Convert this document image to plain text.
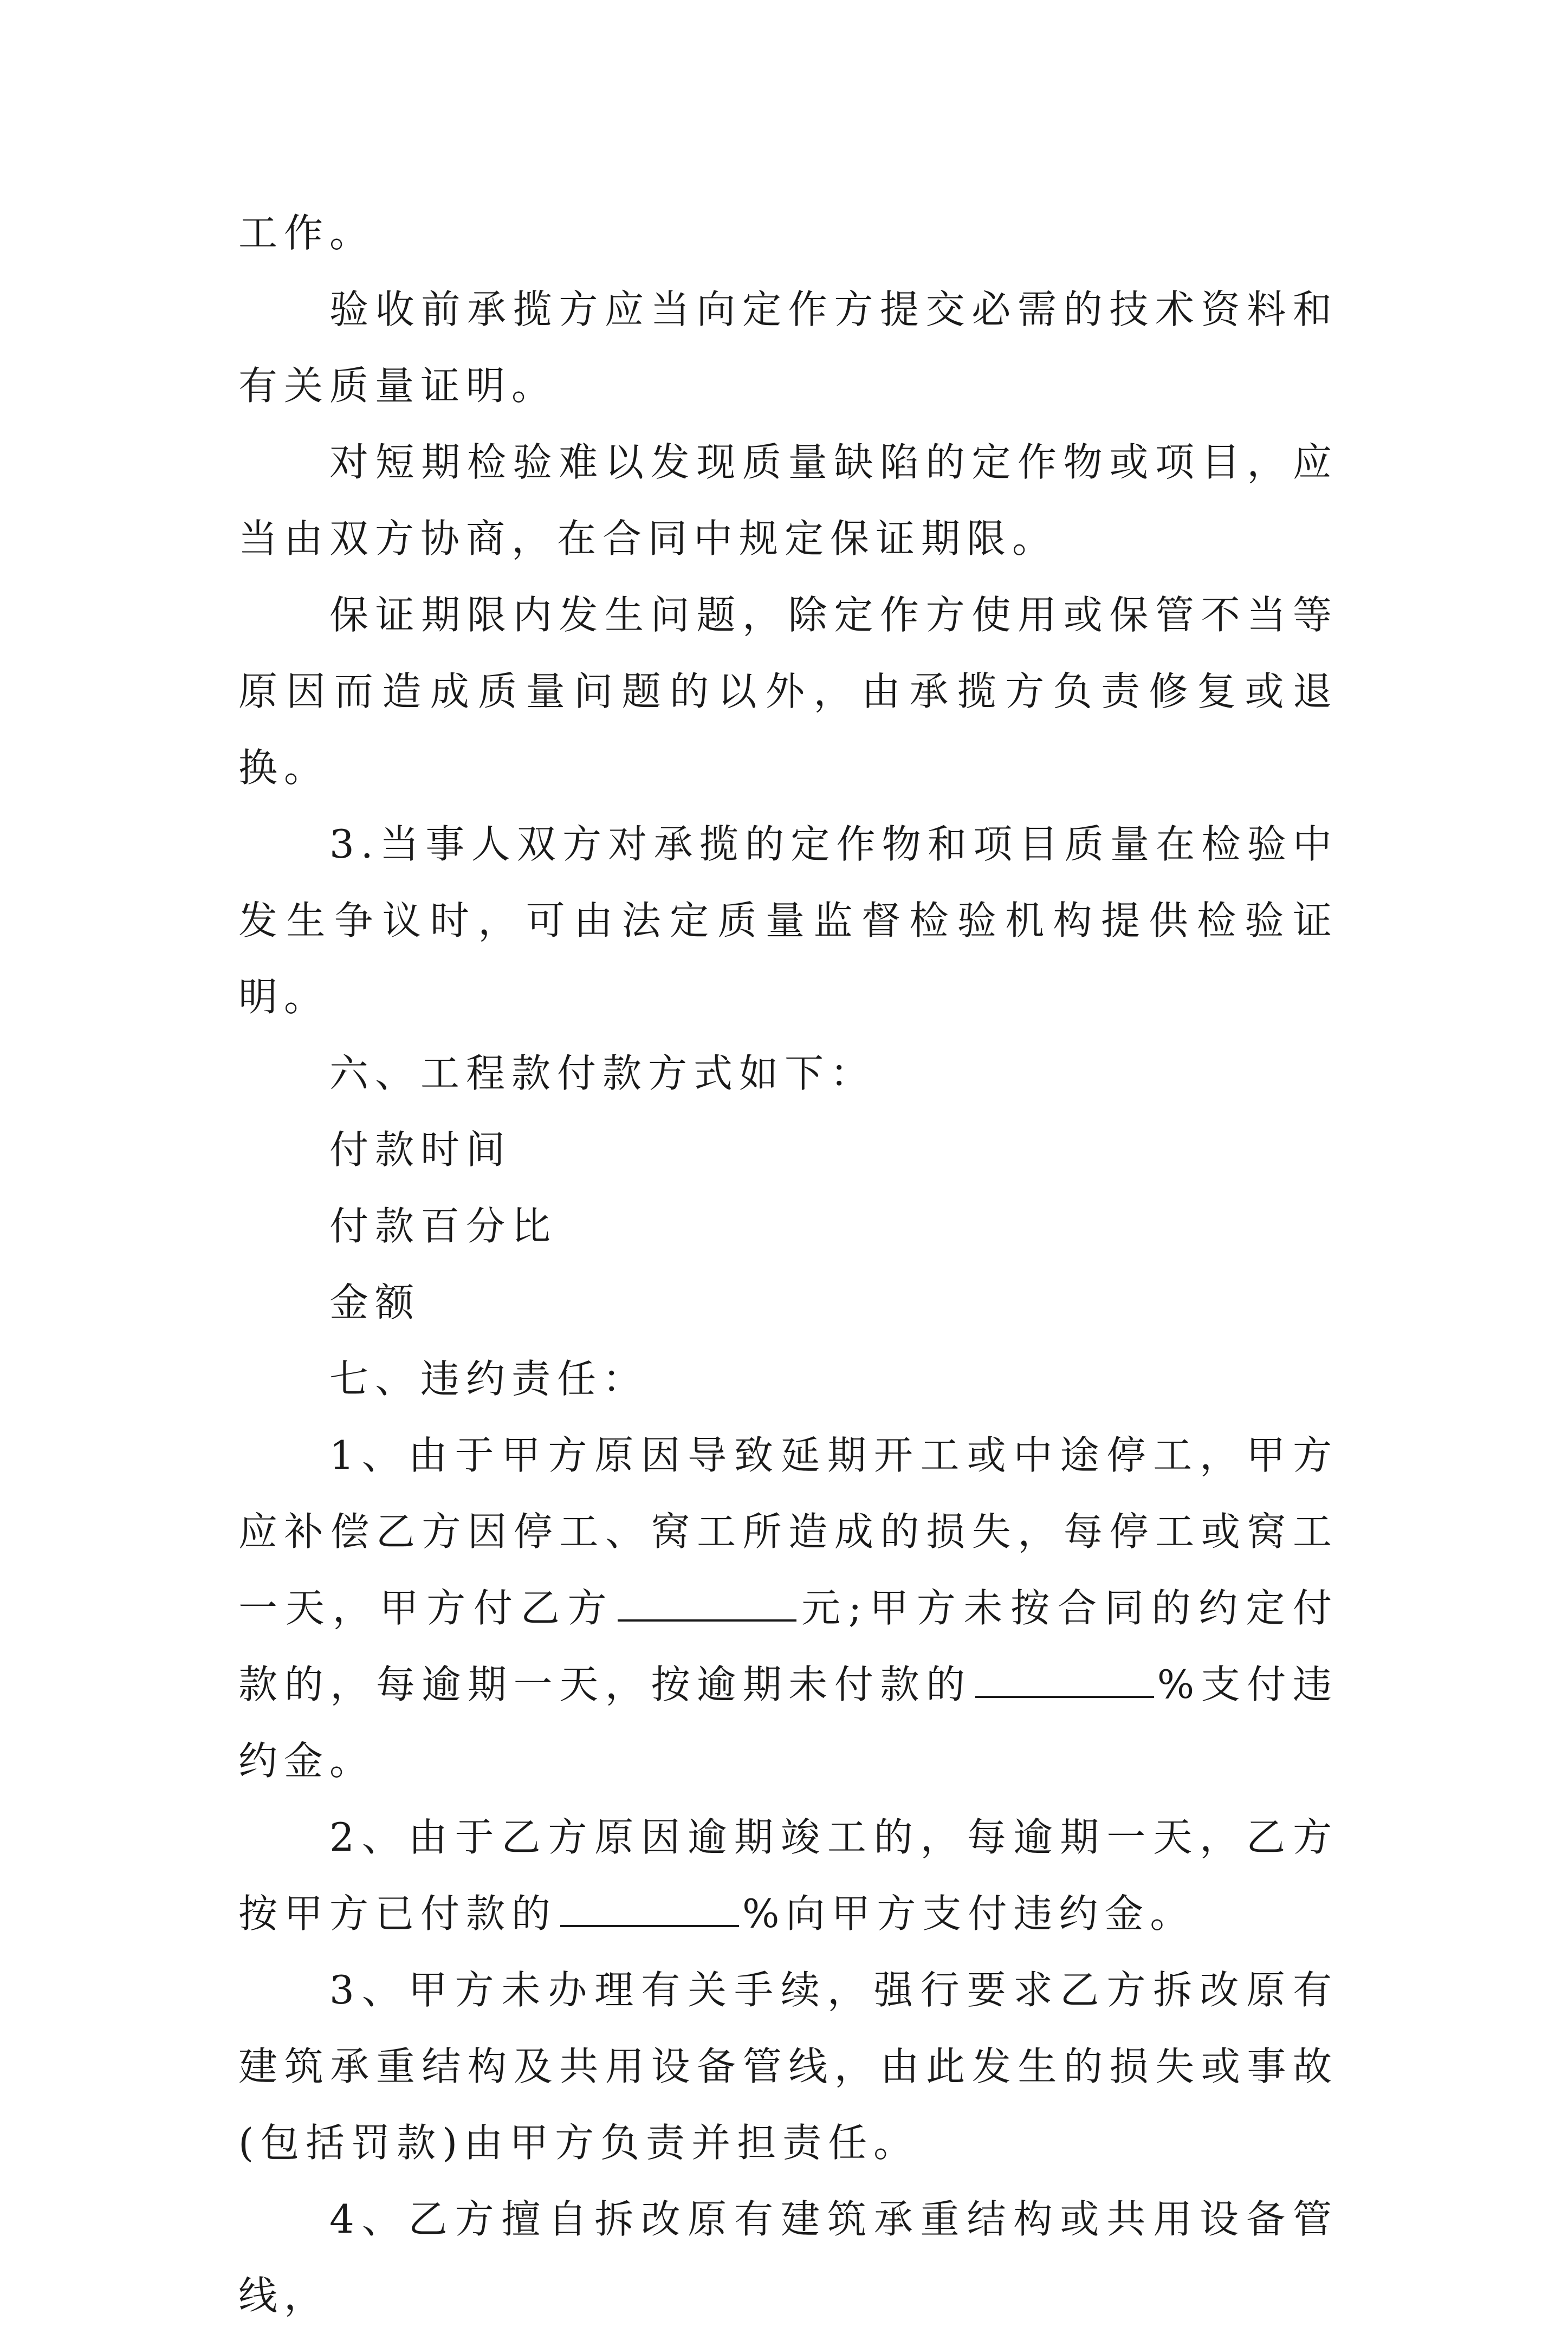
工作。

验收前承揽方应当向定作方提交必需的技术资料和有关质量证明。

对短期检验难以发现质量缺陷的定作物或项目，应当由双方协商，在合同中规定保证期限。

保证期限内发生问题，除定作方使用或保管不当等原因而造成质量问题的以外，由承揽方负责修复或退换。

3.当事人双方对承揽的定作物和项目质量在检验中发生争议时，可由法定质量监督检验机构提供检验证明。

六、工程款付款方式如下：

付款时间

付款百分比

金额

七、违约责任：

1、由于甲方原因导致延期开工或中途停工，甲方应补偿乙方因停工、窝工所造成的损失，每停工或窝工一天，甲方付乙方	元;甲方未按合同的约定付款的，每逾期一天，按逾期未付款的	%支付违约金。

2、由于乙方原因逾期竣工的，每逾期一天，乙方按甲方已付款的	%向甲方支付违约金。

3、甲方未办理有关手续，强行要求乙方拆改原有建筑承重结构及共用设备管线，由此发生的损失或事故(包括罚款)由甲方负责并担责任。

4、乙方擅自拆改原有建筑承重结构或共用设备管线，
